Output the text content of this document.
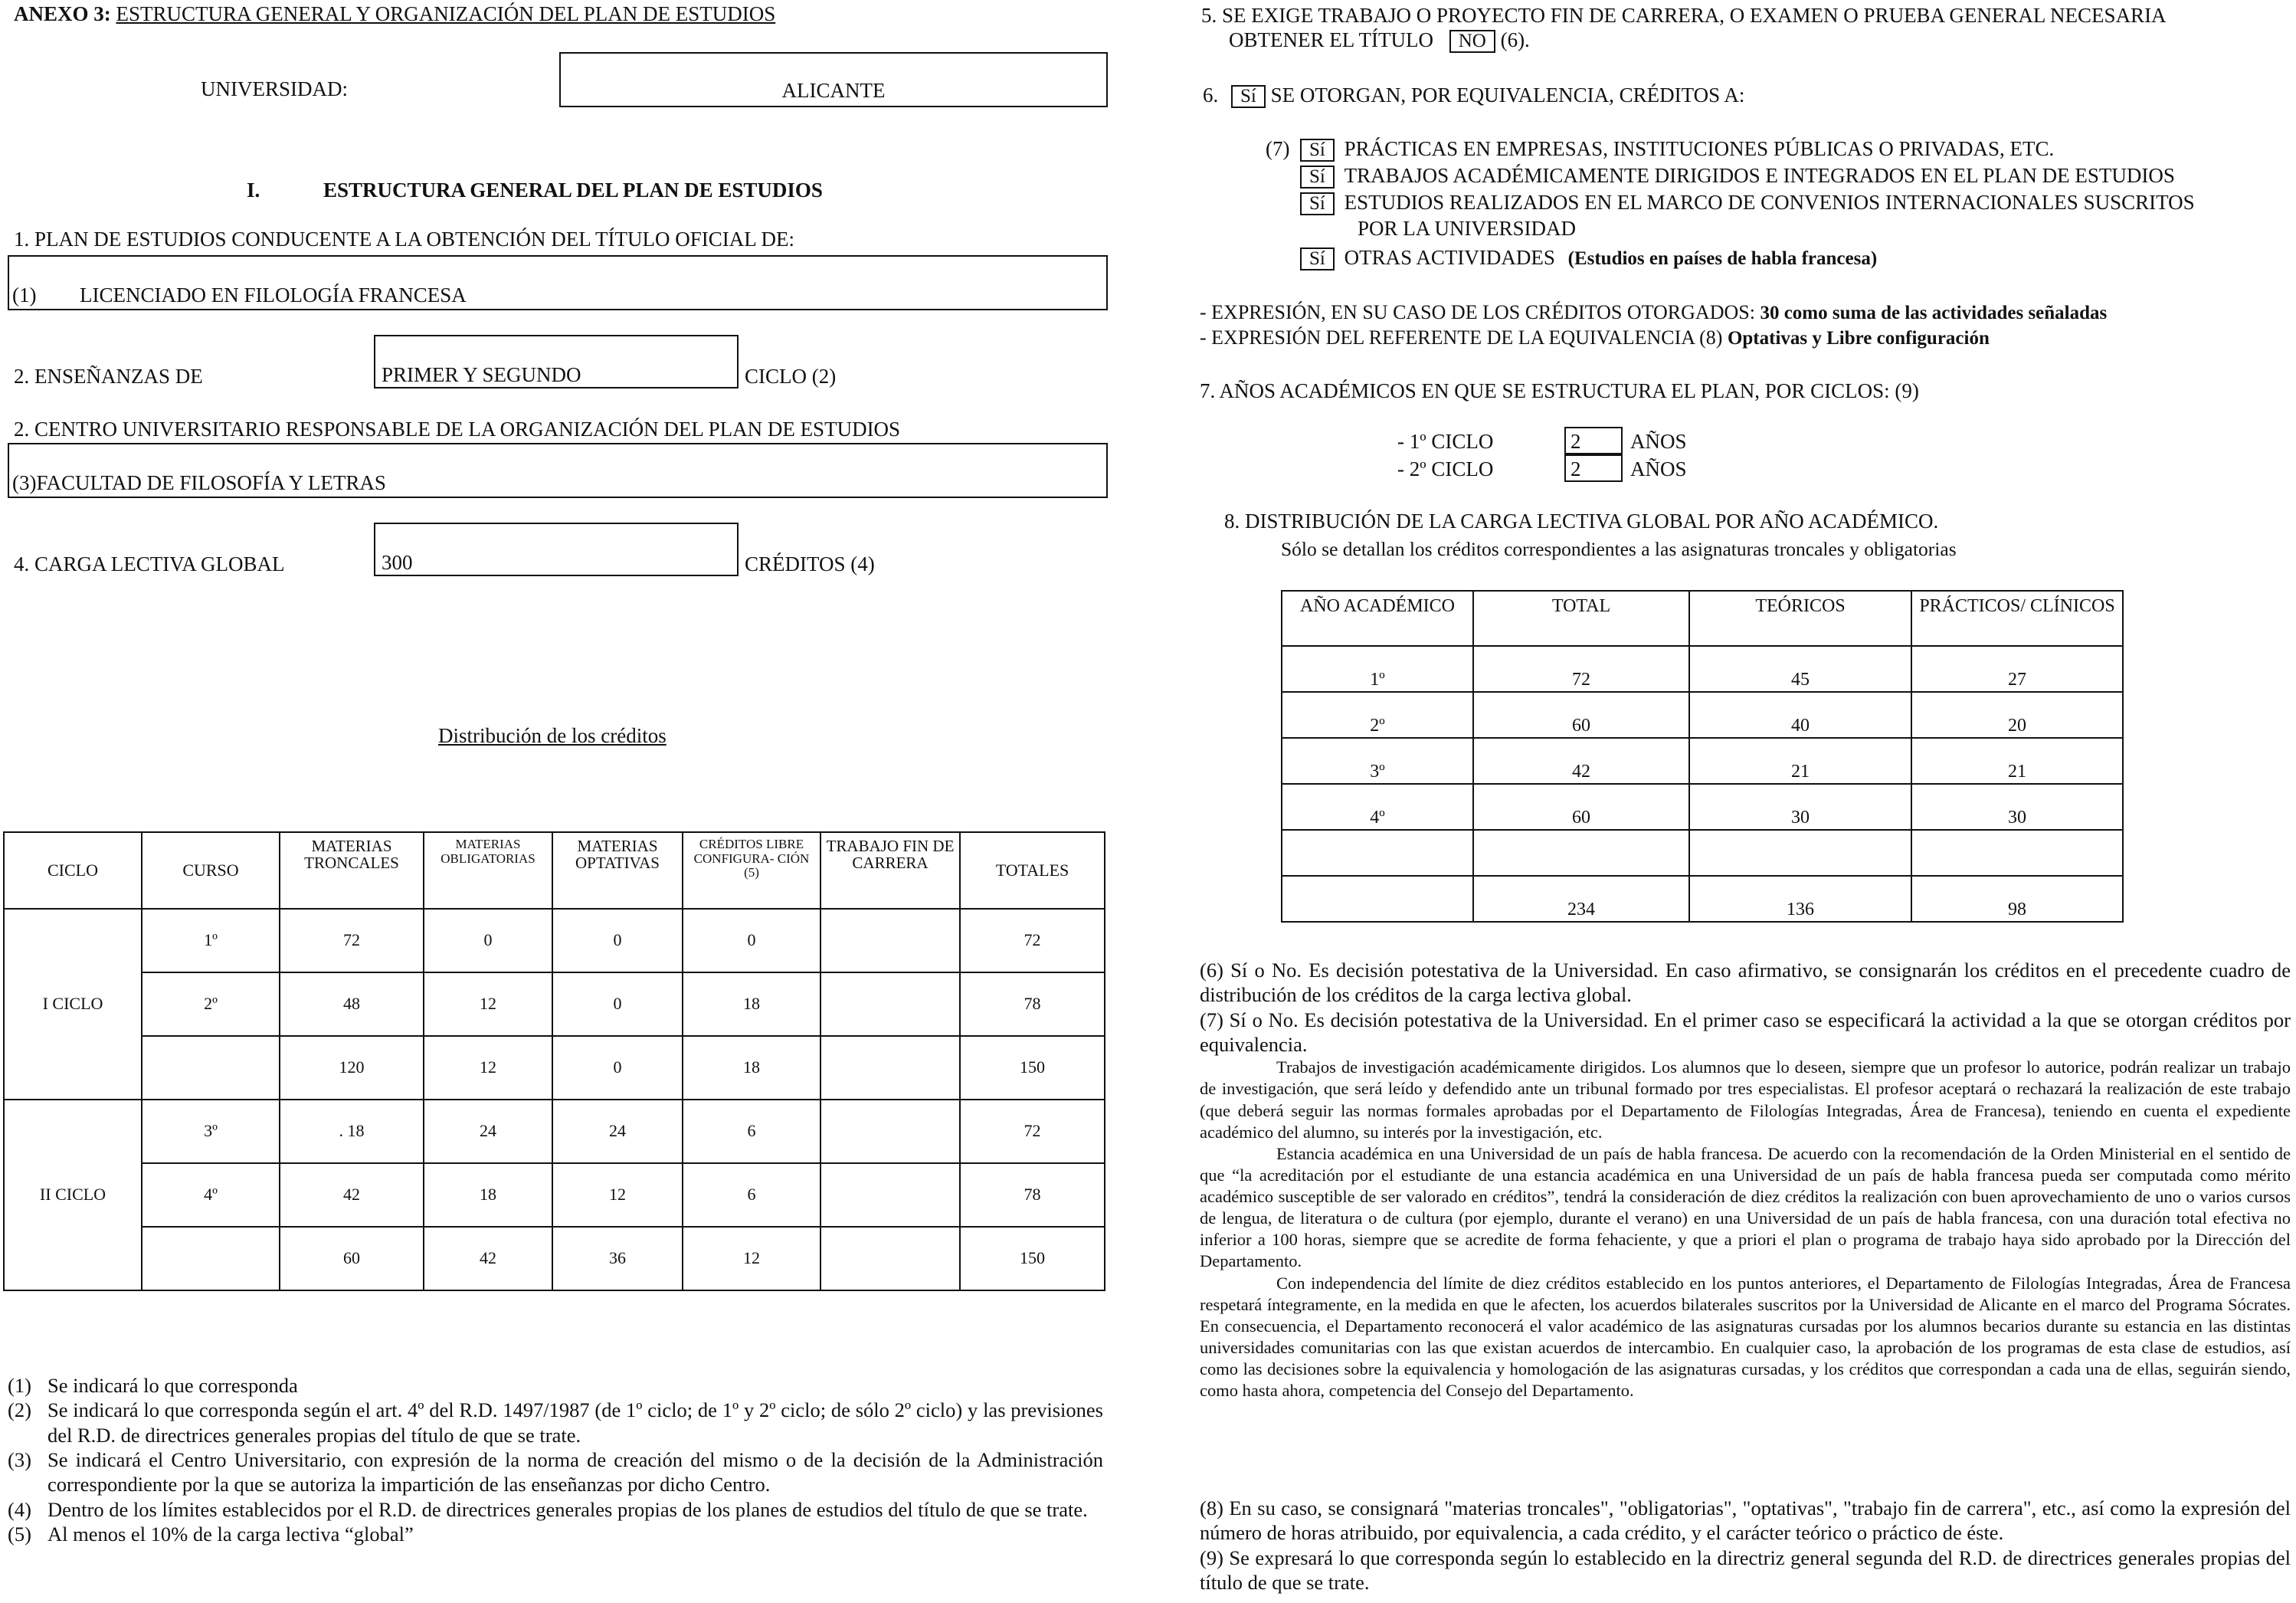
ANEXO 3: ESTRUCTURA GENERAL Y ORGANIZACIÓN DEL PLAN DE ESTUDIOS
UNIVERSIDAD:	ALICANTE
I.	ESTRUCTURA GENERAL DEL PLAN DE ESTUDIOS
1. PLAN DE ESTUDIOS CONDUCENTE A LA OBTENCIÓN DEL TÍTULO OFICIAL DE:
(1) LICENCIADO EN FILOLOGÍA FRANCESA
2. ENSEÑANZAS DE	PRIMER Y SEGUNDO	CICLO (2)
2. CENTRO UNIVERSITARIO RESPONSABLE DE LA ORGANIZACIÓN DEL PLAN DE ESTUDIOS
(3)FACULTAD DE FILOSOFÍA Y LETRAS
4. CARGA LECTIVA GLOBAL	300	CRÉDITOS (4)
Distribución de los créditos
CICLO	CURSO	MATERIAS TRONCALES	MATERIAS OBLIGATORIAS	MATERIAS OPTATIVAS	CRÉDITOS LIBRE CONFIGURA- CIÓN (5)	TRABAJO FIN DE CARRERA	TOTALES
I CICLO	1º	72	0	0	0		72
	2º	48	12	0	18		78
		120	12	0	18		150
II CICLO	3º	. 18	24	24	6		72
	4º	42	18	12	6		78
		60	42	36	12		150
(1) Se indicará lo que corresponda
(2) Se indicará lo que corresponda según el art. 4º del R.D. 1497/1987 (de 1º ciclo; de 1º y 2º ciclo; de sólo 2º ciclo) y las previsiones del R.D. de directrices generales propias del título de que se trate.
(3) Se indicará el Centro Universitario, con expresión de la norma de creación del mismo o de la decisión de la Administración correspondiente por la que se autoriza la impartición de las enseñanzas por dicho Centro.
(4) Dentro de los límites establecidos por el R.D. de directrices generales propias de los planes de estudios del título de que se trate.
(5) Al menos el 10% de la carga lectiva “global”
5. SE EXIGE TRABAJO O PROYECTO FIN DE CARRERA, O EXAMEN O PRUEBA GENERAL NECESARIA
OBTENER EL TÍTULO NO (6).
6. Sí SE OTORGAN, POR EQUIVALENCIA, CRÉDITOS A:
(7)	Sí PRÁCTICAS EN EMPRESAS, INSTITUCIONES PÚBLICAS O PRIVADAS, ETC.
Sí TRABAJOS ACADÉMICAMENTE DIRIGIDOS E INTEGRADOS EN EL PLAN DE ESTUDIOS
Sí ESTUDIOS REALIZADOS EN EL MARCO DE CONVENIOS INTERNACIONALES SUSCRITOS
POR LA UNIVERSIDAD
Sí OTRAS ACTIVIDADES (Estudios en países de habla francesa)
- EXPRESIÓN, EN SU CASO DE LOS CRÉDITOS OTORGADOS: 30 como suma de las actividades señaladas
- EXPRESIÓN DEL REFERENTE DE LA EQUIVALENCIA (8) Optativas y Libre configuración
7. AÑOS ACADÉMICOS EN QUE SE ESTRUCTURA EL PLAN, POR CICLOS: (9)
- 1º CICLO	2 AÑOS
- 2º CICLO	2 AÑOS
8. DISTRIBUCIÓN DE LA CARGA LECTIVA GLOBAL POR AÑO ACADÉMICO.
Sólo se detallan los créditos correspondientes a las asignaturas troncales y obligatorias
AÑO ACADÉMICO	TOTAL	TEÓRICOS	PRÁCTICOS/ CLÍNICOS
1º	72	45	27
2º	60	40	20
3º	42	21	21
4º	60	30	30

	234	136	98
(6) Sí o No. Es decisión potestativa de la Universidad. En caso afirmativo, se consignarán los créditos en el precedente cuadro de distribución de los créditos de la carga lectiva global.
(7) Sí o No. Es decisión potestativa de la Universidad. En el primer caso se especificará la actividad a la que se otorgan créditos por equivalencia.
Trabajos de investigación académicamente dirigidos. Los alumnos que lo deseen, siempre que un profesor lo autorice, podrán realizar un trabajo de investigación, que será leído y defendido ante un tribunal formado por tres especialistas. El profesor aceptará o rechazará la realización de este trabajo (que deberá seguir las normas formales aprobadas por el Departamento de Filologías Integradas, Área de Francesa), teniendo en cuenta el expediente académico del alumno, su interés por la investigación, etc.
Estancia académica en una Universidad de un país de habla francesa. De acuerdo con la recomendación de la Orden Ministerial en el sentido de que “la acreditación por el estudiante de una estancia académica en una Universidad de un país de habla francesa pueda ser computada como mérito académico susceptible de ser valorado en créditos”, tendrá la consideración de diez créditos la realización con buen aprovechamiento de uno o varios cursos de lengua, de literatura o de cultura (por ejemplo, durante el verano) en una Universidad de un país de habla francesa, con una duración total efectiva no inferior a 100 horas, siempre que se acredite de forma fehaciente, y que a priori el plan o programa de trabajo haya sido aprobado por la Dirección del Departamento.
Con independencia del límite de diez créditos establecido en los puntos anteriores, el Departamento de Filologías Integradas, Área de Francesa respetará íntegramente, en la medida en que le afecten, los acuerdos bilaterales suscritos por la Universidad de Alicante en el marco del Programa Sócrates. En consecuencia, el Departamento reconocerá el valor académico de las asignaturas cursadas por los alumnos becarios durante su estancia en las distintas universidades comunitarias con las que existan acuerdos de intercambio. En cualquier caso, la aprobación de los programas de esta clase de estudios, así como las decisiones sobre la equivalencia y homologación de las asignaturas cursadas, y los créditos que correspondan a cada una de ellas, seguirán siendo, como hasta ahora, competencia del Consejo del Departamento.
(8) En su caso, se consignará "materias troncales", "obligatorias", "optativas", "trabajo fin de carrera", etc., así como la expresión del número de horas atribuido, por equivalencia, a cada crédito, y el carácter teórico o práctico de éste.
(9) Se expresará lo que corresponda según lo establecido en la directriz general segunda del R.D. de directrices generales propias del título de que se trate.
